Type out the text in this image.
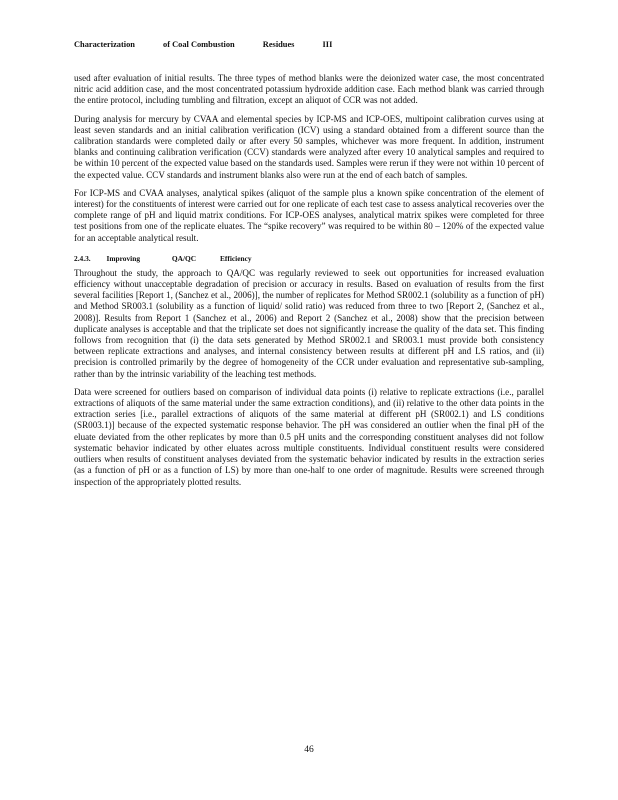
Characterization	of Coal Combustion	Residues	III

used after evaluation of initial results. The three types of method blanks were the deionized water case, the most concentrated nitric acid addition case, and the most concentrated potassium hydroxide addition case. Each method blank was carried through the entire protocol, including tumbling and filtration, except an aliquot of CCR was not added.

During analysis for mercury by CVAA and elemental species by ICP-MS and ICP-OES, multipoint calibration curves using at least seven standards and an initial calibration verification (ICV) using a standard obtained from a different source than the calibration standards were completed daily or after every 50 samples, whichever was more frequent. In addition, instrument blanks and continuing calibration verification (CCV) standards were analyzed after every 10 analytical samples and required to be within 10 percent of the expected value based on the standards used. Samples were rerun if they were not within 10 percent of the expected value. CCV standards and instrument blanks also were run at the end of each batch of samples.

For ICP-MS and CVAA analyses, analytical spikes (aliquot of the sample plus a known spike concentration of the element of interest) for the constituents of interest were carried out for one replicate of each test case to assess analytical recoveries over the complete range of pH and liquid matrix conditions. For ICP-OES analyses, analytical matrix spikes were completed for three test positions from one of the replicate eluates. The “spike recovery” was required to be within 80 – 120% of the expected value for an acceptable analytical result.

2.4.3. Improving	QA/QC	Efficiency

Throughout the study, the approach to QA/QC was regularly reviewed to seek out opportunities for increased evaluation efficiency without unacceptable degradation of precision or accuracy in results. Based on evaluation of results from the first several facilities [Report 1, (Sanchez et al., 2006)], the number of replicates for Method SR002.1 (solubility as a function of pH) and Method SR003.1 (solubility as a function of liquid/ solid ratio) was reduced from three to two [Report 2, (Sanchez et al., 2008)]. Results from Report 1 (Sanchez et al., 2006) and Report 2 (Sanchez et al., 2008) show that the precision between duplicate analyses is acceptable and that the triplicate set does not significantly increase the quality of the data set. This finding follows from recognition that (i) the data sets generated by Method SR002.1 and SR003.1 must provide both consistency between replicate extractions and analyses, and internal consistency between results at different pH and LS ratios, and (ii) precision is controlled primarily by the degree of homogeneity of the CCR under evaluation and representative sub-sampling, rather than by the intrinsic variability of the leaching test methods.

Data were screened for outliers based on comparison of individual data points (i) relative to replicate extractions (i.e., parallel extractions of aliquots of the same material under the same extraction conditions), and (ii) relative to the other data points in the extraction series [i.e., parallel extractions of aliquots of the same material at different pH (SR002.1) and LS conditions (SR003.1)] because of the expected systematic response behavior. The pH was considered an outlier when the final pH of the eluate deviated from the other replicates by more than 0.5 pH units and the corresponding constituent analyses did not follow systematic behavior indicated by other eluates across multiple constituents. Individual constituent results were considered outliers when results of constituent analyses deviated from the systematic behavior indicated by results in the extraction series (as a function of pH or as a function of LS) by more than one-half to one order of magnitude. Results were screened through inspection of the appropriately plotted results.

46
